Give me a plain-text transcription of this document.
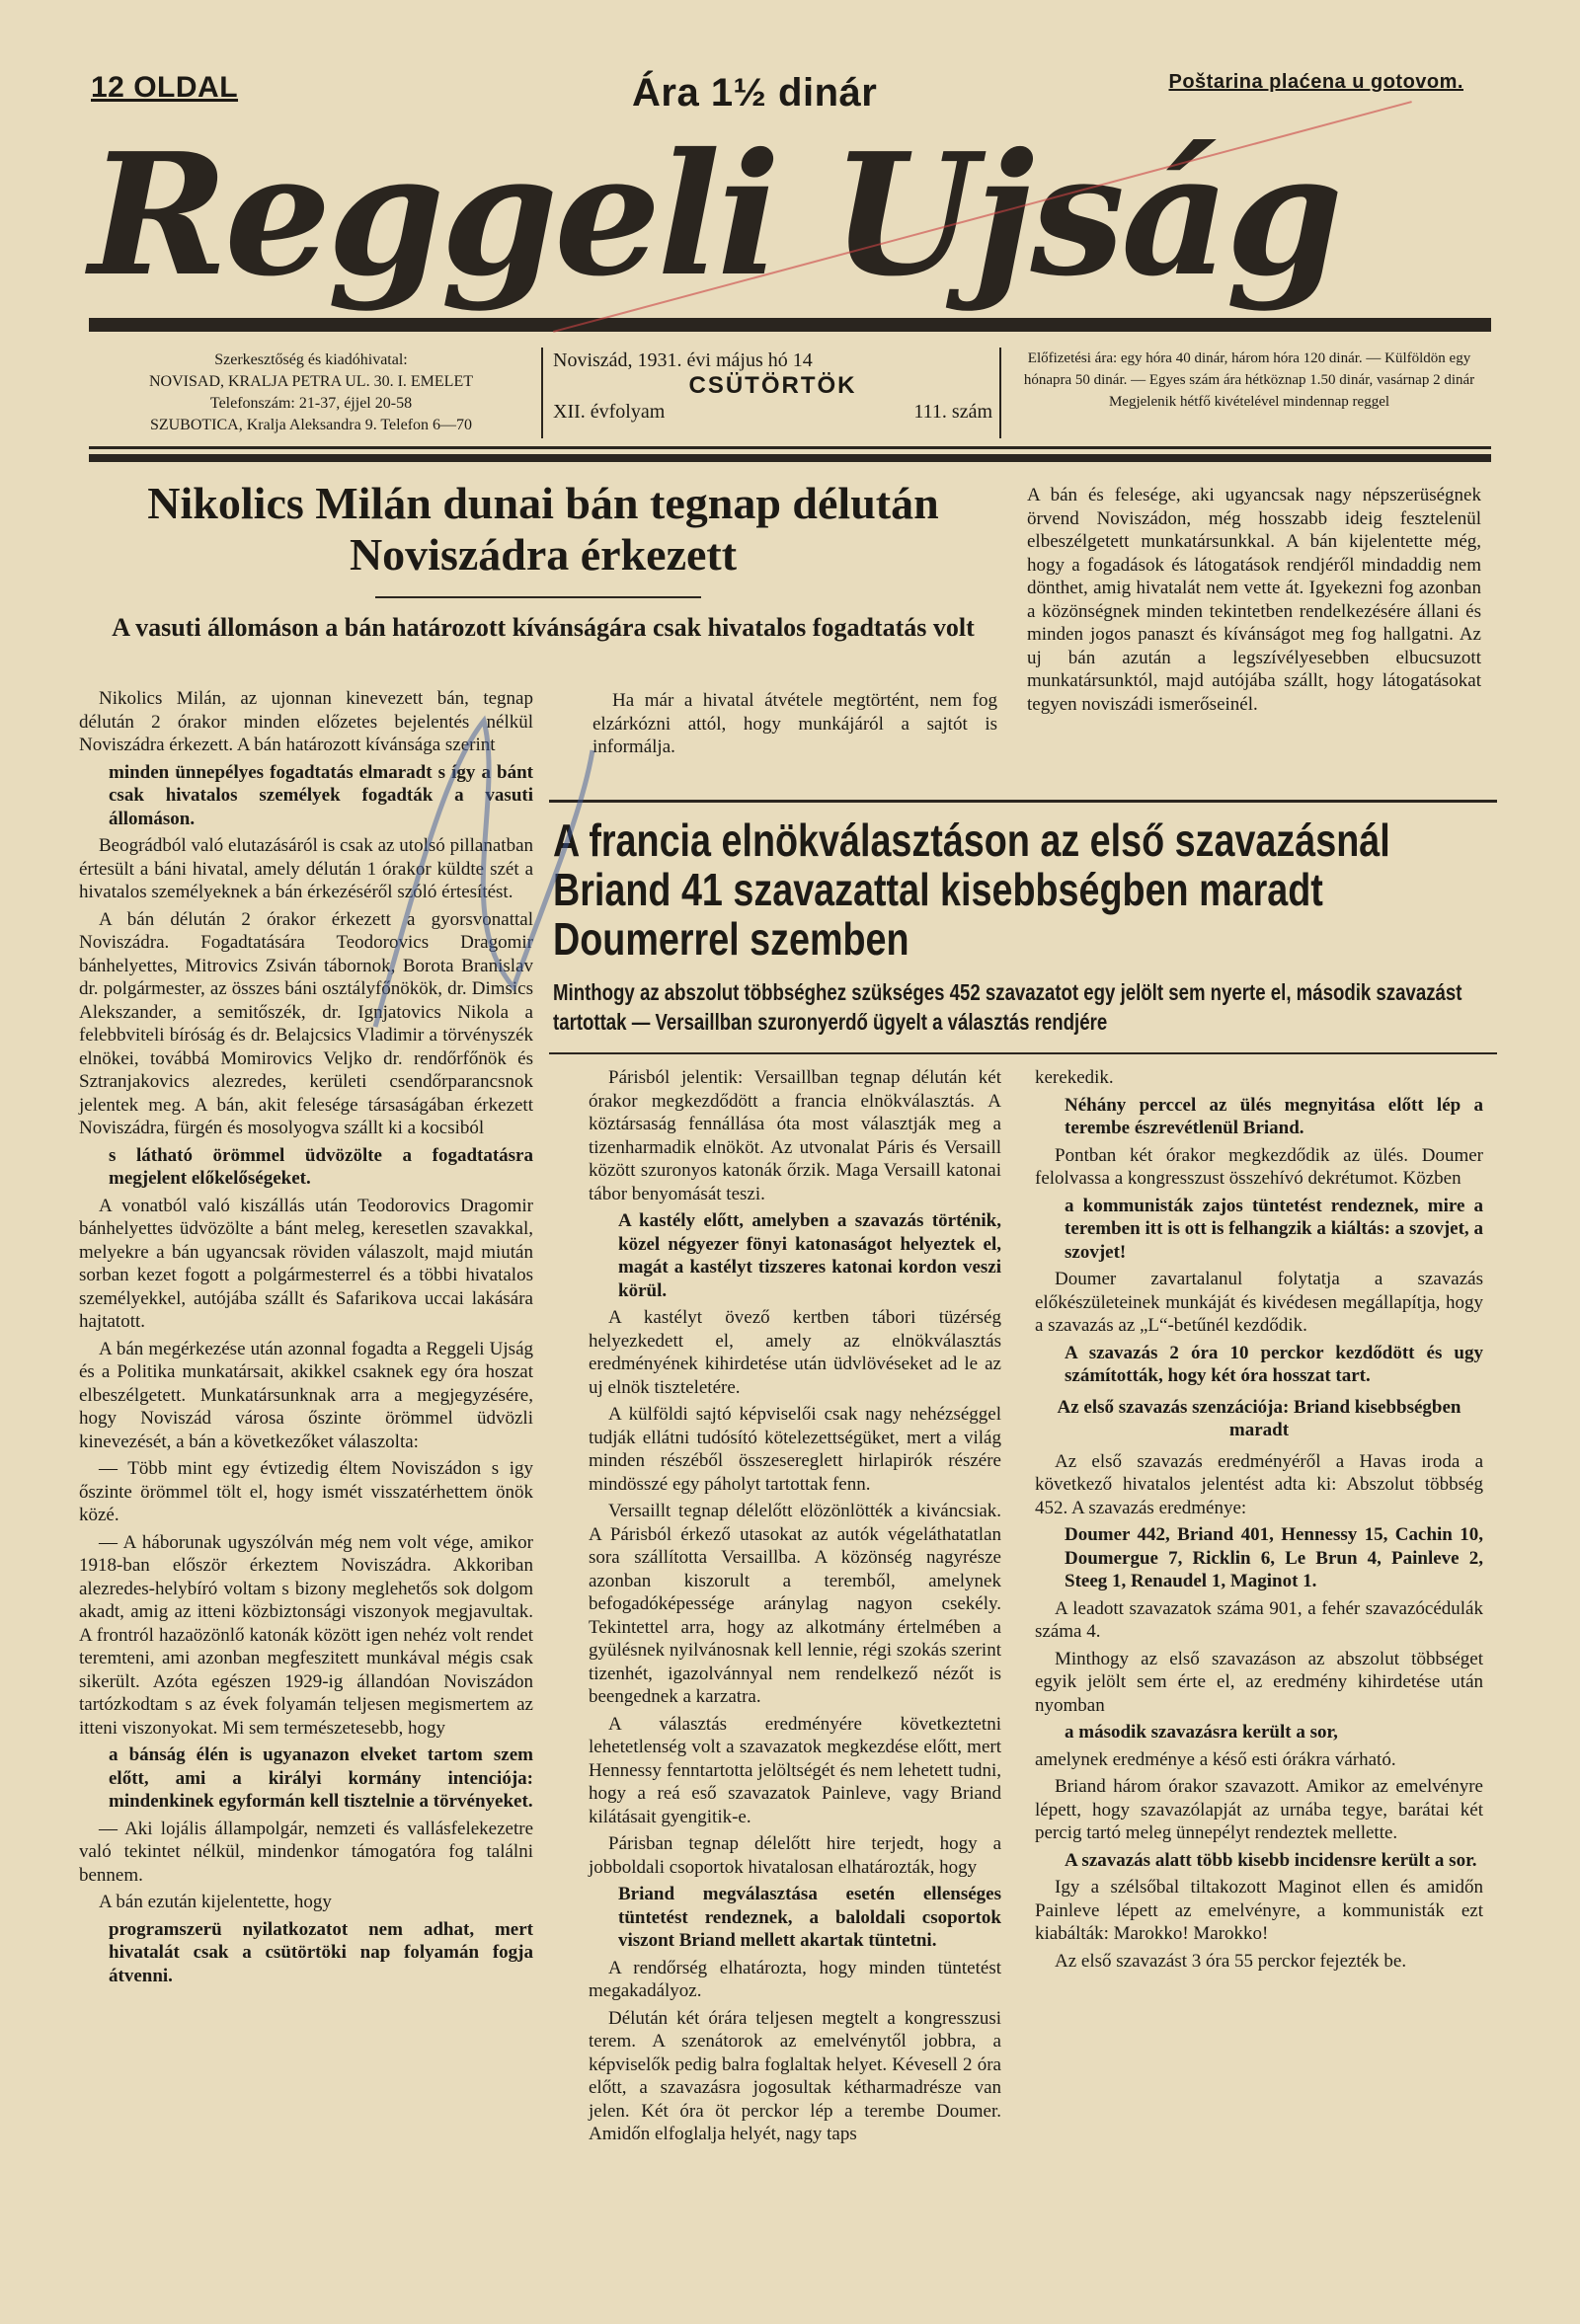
12 OLDAL	Ára 1½ dinár	Poštarina plaćena u gotovom.
Reggeli Ujság
Szerkesztőség és kiadóhivatal:
NOVISAD, KRALJA PETRA UL. 30. I. EMELET
Telefonszám: 21-37, éjjel 20-58
SZUBOTICA, Kralja Aleksandra 9. Telefon 6—70
Noviszád, 1931. évi május hó 14
CSÜTÖRTÖK
XII. évfolyam	111. szám
Előfizetési ára: egy hóra 40 dinár, három hóra 120 dinár. — Külföldön egy hónapra 50 dinár. — Egyes szám ára hétköznap 1.50 dinár, vasárnap 2 dinár Megjelenik hétfő kivételével mindennap reggel
Nikolics Milán dunai bán tegnap délután Noviszádra érkezett
A vasuti állomáson a bán határozott kívánságára csak hivatalos fogadtatás volt

Nikolics Milán, az ujonnan kinevezett bán, tegnap délután 2 órakor minden előzetes bejelentés nélkül Noviszádra érkezett. A bán határozott kívánsága szerint

minden ünnepélyes fogadtatás elmaradt s így a bánt csak hivatalos személyek fogadták a vasuti állomáson.

Beográdból való elutazásáról is csak az utolsó pillanatban értesült a báni hivatal, amely délután 1 órakor küldte szét a hivatalos személyeknek a bán érkezéséről szóló értesítést.

A bán délután 2 órakor érkezett a gyorsvonattal Noviszádra. Fogadtatására Teodorovics Dragomir bánhelyettes, Mitrovics Zsiván tábornok, Borota Branislav dr. polgármester, az összes báni osztályfőnökök, dr. Dimsics Alekszander, a semitőszék, dr. Ignjatovics Nikola a felebbviteli bíróság és dr. Belajcsics Vladimir a törvényszék elnökei, továbbá Momirovics Veljko dr. rendőrfőnök és Sztranjakovics alezredes, kerületi csendőrparancsnok jelentek meg. A bán, akit felesége társaságában érkezett Noviszádra, fürgén és mosolyogva szállt ki a kocsiból

s látható örömmel üdvözölte a fogadtatásra megjelent előkelőségeket.

A vonatból való kiszállás után Teodorovics Dragomir bánhelyettes üdvözölte a bánt meleg, keresetlen szavakkal, melyekre a bán ugyancsak röviden válaszolt, majd miután sorban kezet fogott a polgármesterrel és a többi hivatalos személyekkel, autójába szállt és Safarikova uccai lakására hajtatott.

A bán megérkezése után azonnal fogadta a Reggeli Ujság és a Politika munkatársait, akikkel csaknek egy óra hoszat elbeszélgetett. Munkatársunknak arra a megjegyzésére, hogy Noviszád városa őszinte örömmel üdvözli kinevezését, a bán a következőket válaszolta:

— Több mint egy évtizedig éltem Noviszádon s igy őszinte örömmel tölt el, hogy ismét visszatérhettem önök közé.

— A háborunak ugyszólván még nem volt vége, amikor 1918-ban először érkeztem Noviszádra. Akkoriban alezredes-helybíró voltam s bizony meglehetős sok dolgom akadt, amig az itteni közbiztonsági viszonyok megjavultak. A frontról hazaözönlő katonák között igen nehéz volt rendet teremteni, ami azonban megfeszitett munkával mégis csak sikerült. Azóta egészen 1929-ig állandóan Noviszádon tartózkodtam s az évek folyamán teljesen megismertem az itteni viszonyokat. Mi sem természetesebb, hogy

a bánság élén is ugyanazon elveket tartom szem előtt, ami a királyi kormány intenciója: mindenkinek egyformán kell tisztelnie a törvényeket.

— Aki lojális állampolgár, nemzeti és vallásfelekezetre való tekintet nélkül, mindenkor támogatóra fog találni bennem.

A bán ezután kijelentette, hogy

programszerü nyilatkozatot nem adhat, mert hivatalát csak a csütörtöki nap folyamán fogja átvenni.

Ha már a hivatal átvétele megtörtént, nem fog elzárkózni attól, hogy munkájáról a sajtót is informálja.

A bán és felesége, aki ugyancsak nagy népszerüségnek örvend Noviszádon, még hosszabb ideig fesztelenül elbeszélgetett munkatársunkkal. A bán kijelentette még, hogy a fogadások és látogatások rendjéről mindaddig nem dönthet, amig hivatalát nem vette át. Igyekezni fog azonban a közönségnek minden tekintetben rendelkezésére állani és minden jogos panaszt és kívánságot meg fog hallgatni. Az uj bán azután a legszívélyesebben elbucsuzott munkatársunktól, majd autójába szállt, hogy látogatásokat tegyen noviszádi ismerőseinél.

A francia elnökválasztáson az első szavazásnál Briand 41 szavazattal kisebbségben maradt Doumerrel szemben
Minthogy az abszolut többséghez szükséges 452 szavazatot egy jelölt sem nyerte el, második szavazást tartottak — Versaillban szuronyerdő ügyelt a választás rendjére

Párisból jelentik: Versaillban tegnap délután két órakor megkezdődött a francia elnökválasztás. A köztársaság fennállása óta most választják meg a tizenharmadik elnököt. Az utvonalat Páris és Versaill között szuronyos katonák őrzik. Maga Versaill katonai tábor benyomását teszi.

A kastély előtt, amelyben a szavazás történik, közel négyezer fönyi katonaságot helyeztek el, magát a kastélyt tizszeres katonai kordon veszi körül.

A kastélyt övező kertben tábori tüzérség helyezkedett el, amely az elnökválasztás eredményének kihirdetése után üdvlövéseket ad le az uj elnök tiszteletére.

A külföldi sajtó képviselői csak nagy nehézséggel tudják ellátni tudósító kötelezettségüket, mert a világ minden részéből összesereglett hirlapirók részére mindösszé egy páholyt tartottak fenn.

Versaillt tegnap délelőtt elözönlötték a kiváncsiak. A Párisból érkező utasokat az autók végeláthatatlan sora szállította Versaillba. A közönség nagyrésze azonban kiszorult a teremből, amelynek befogadóképessége aránylag nagyon csekély. Tekintettel arra, hogy az alkotmány értelmében a gyülésnek nyilvánosnak kell lennie, régi szokás szerint tizenhét, igazolvánnyal nem rendelkező nézőt is beengednek a karzatra.

A választás eredményére következtetni lehetetlenség volt a szavazatok megkezdése előtt, mert Hennessy fenntartotta jelöltségét és nem lehetett tudni, hogy a reá eső szavazatok Painleve, vagy Briand kilátásait gyengitik-e.

Párisban tegnap délelőtt hire terjedt, hogy a jobboldali csoportok hivatalosan elhatározták, hogy

Briand megválasztása esetén ellenséges tüntetést rendeznek, a baloldali csoportok viszont Briand mellett akartak tüntetni.

A rendőrség elhatározta, hogy minden tüntetést megakadályoz.

Délután két órára teljesen megtelt a kongresszusi terem. A szenátorok az emelvénytől jobbra, a képviselők pedig balra foglaltak helyet. Kévesell 2 óra előtt, a szavazásra jogosultak kétharmadrésze van jelen. Két óra öt perckor lép a terembe Doumer. Amidőn elfoglalja helyét, nagy taps

kerekedik.

Néhány perccel az ülés megnyitása előtt lép a terembe észrevétlenül Briand.

Pontban két órakor megkezdődik az ülés. Doumer felolvassa a kongresszust összehívó dekrétumot. Közben

a kommunisták zajos tüntetést rendeznek, mire a teremben itt is ott is felhangzik a kiáltás: a szovjet, a szovjet!

Doumer zavartalanul folytatja a szavazás előkészületeinek munkáját és kivédesen megállapítja, hogy a szavazás az „L“-betűnél kezdődik.

A szavazás 2 óra 10 perckor kezdődött és ugy számították, hogy két óra hosszat tart.

Az első szavazás szenzációja: Briand kisebbségben maradt

Az első szavazás eredményéről a Havas iroda a következő hivatalos jelentést adta ki: Abszolut többség 452. A szavazás eredménye:

Doumer 442, Briand 401, Hennessy 15, Cachin 10, Doumergue 7, Ricklin 6, Le Brun 4, Painleve 2, Steeg 1, Renaudel 1, Maginot 1.

A leadott szavazatok száma 901, a fehér szavazócédulák száma 4.

Minthogy az első szavazáson az abszolut többséget egyik jelölt sem érte el, az eredmény kihirdetése után nyomban

a második szavazásra került a sor,

amelynek eredménye a késő esti órákra várható.

Briand három órakor szavazott. Amikor az emelvényre lépett, hogy szavazólapját az urnába tegye, barátai két percig tartó meleg ünnepélyt rendeztek mellette.

A szavazás alatt több kisebb incidensre került a sor.

Igy a szélsőbal tiltakozott Maginot ellen és amidőn Painleve lépett az emelvényre, a kommunisták ezt kiabálták: Marokko! Marokko!

Az első szavazást 3 óra 55 perckor fejezték be.
